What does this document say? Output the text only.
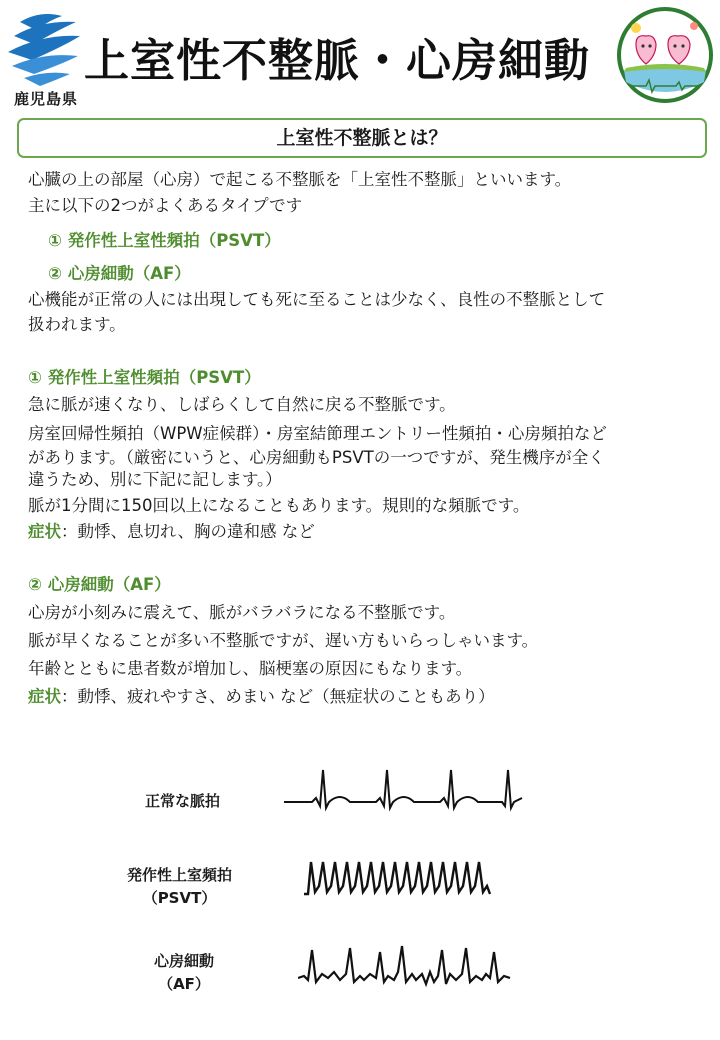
鹿児島県
上室性不整脈・心房細動
上室性不整脈とは？
心臓の上の部屋（心房）で起こる不整脈を「上室性不整脈」といいます。
主に以下の2つがよくあるタイプです
① 発作性上室性頻拍（PSVT）
② 心房細動（AF）
心機能が正常の人には出現しても死に至ることは少なく、良性の不整脈として
扱われます。
① 発作性上室性頻拍（PSVT）
急に脈が速くなり、しばらくして自然に戻る不整脈です。
房室回帰性頻拍（WPW症候群）・房室結節理エントリー性頻拍・心房頻拍など
があります。（厳密にいうと、心房細動もPSVTの一つですが、発生機序が全く
違うため、別に下記に記します。）
脈が1分間に150回以上になることもあります。規則的な頻脈です。
症状：動悸、息切れ、胸の違和感 など
② 心房細動（AF）
心房が小刻みに震えて、脈がバラバラになる不整脈です。
脈が早くなることが多い不整脈ですが、遅い方もいらっしゃいます。
年齢とともに患者数が増加し、脳梗塞の原因にもなります。
症状：動悸、疲れやすさ、めまい など（無症状のこともあり）
正常な脈拍
発作性上室頻拍
（PSVT）
心房細動
（AF）
